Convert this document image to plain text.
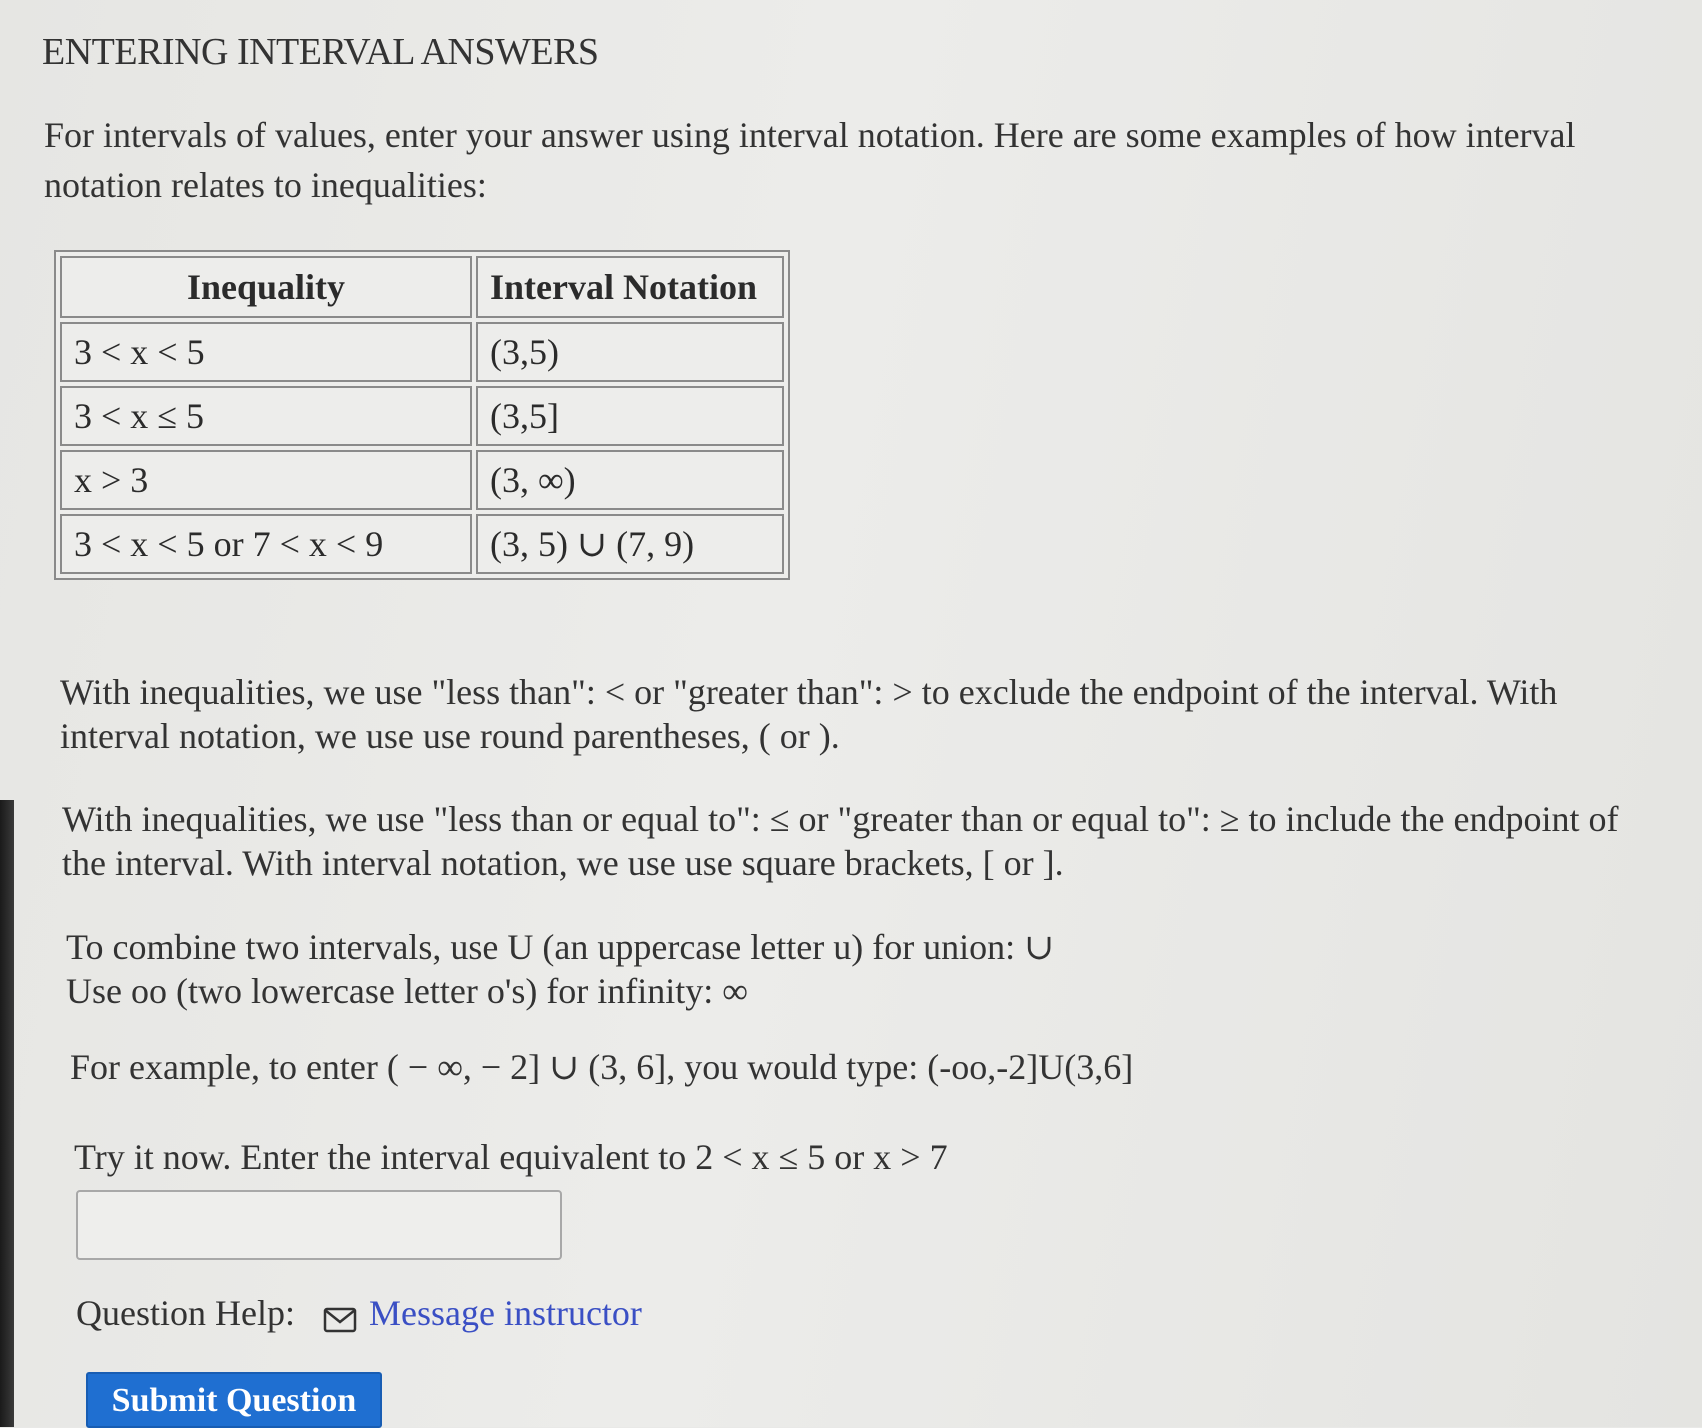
ENTERING INTERVAL ANSWERS
For intervals of values, enter your answer using interval notation. Here are some examples of how interval notation relates to inequalities:
Inequality	Interval Notation
3 < x < 5	(3,5)
3 < x ≤ 5	(3,5]
x > 3	(3, ∞)
3 < x < 5 or 7 < x < 9	(3, 5) ∪ (7, 9)
With inequalities, we use "less than": < or "greater than": > to exclude the endpoint of the interval. With interval notation, we use use round parentheses, ( or ).
With inequalities, we use "less than or equal to": ≤ or "greater than or equal to": ≥ to include the endpoint of the interval. With interval notation, we use use square brackets, [ or ].
To combine two intervals, use U (an uppercase letter u) for union: ∪
Use oo (two lowercase letter o's) for infinity: ∞
For example, to enter ( − ∞, − 2] ∪ (3, 6], you would type: (-oo,-2]U(3,6]
Try it now. Enter the interval equivalent to 2 < x ≤ 5 or x > 7
Question Help: Message instructor
Submit Question
